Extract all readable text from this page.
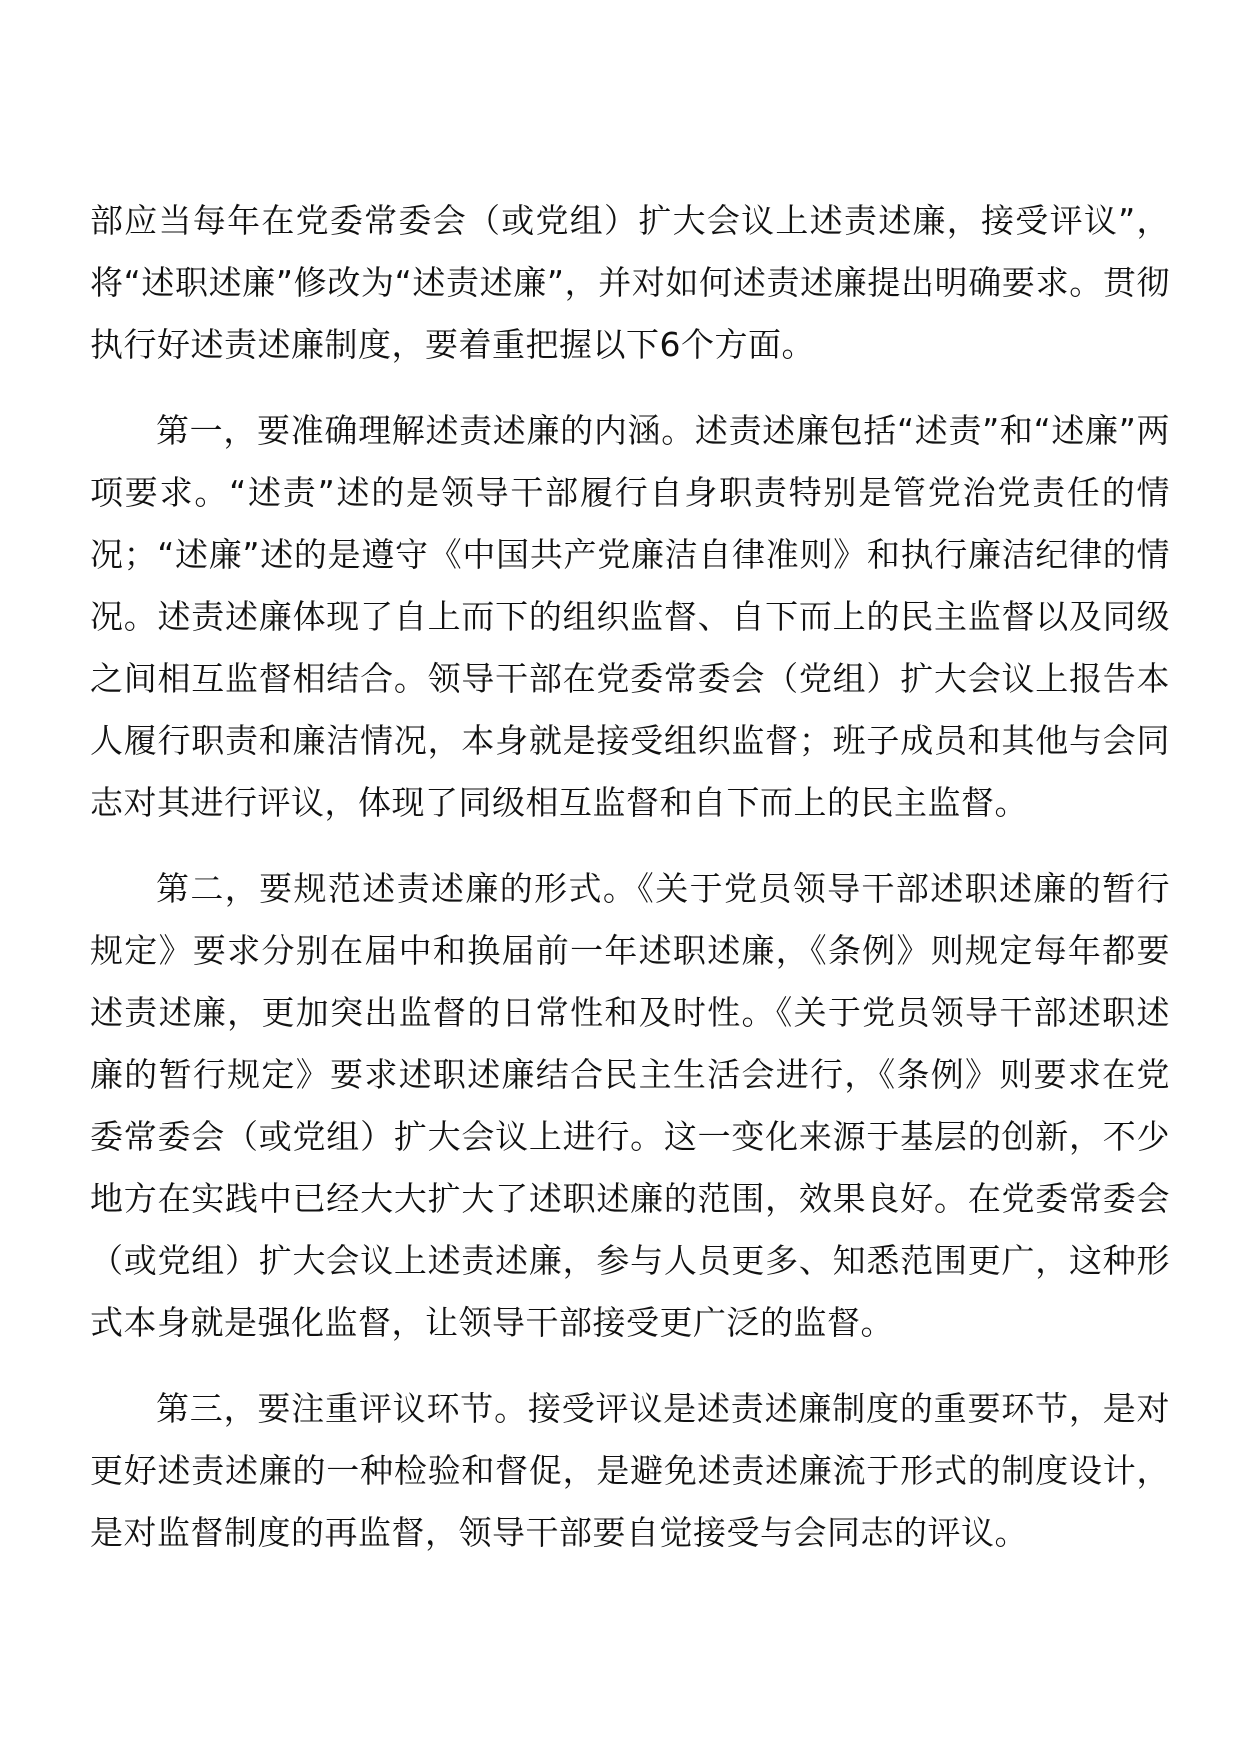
部应当每年在党委常委会（或党组）扩大会议上述责述廉，接受评议”，将“述职述廉”修改为“述责述廉”，并对如何述责述廉提出明确要求。贯彻执行好述责述廉制度，要着重把握以下6个方面。

第一，要准确理解述责述廉的内涵。述责述廉包括“述责”和“述廉”两项要求。“述责”述的是领导干部履行自身职责特别是管党治党责任的情况；“述廉”述的是遵守《中国共产党廉洁自律准则》和执行廉洁纪律的情况。述责述廉体现了自上而下的组织监督、自下而上的民主监督以及同级之间相互监督相结合。领导干部在党委常委会（党组）扩大会议上报告本人履行职责和廉洁情况，本身就是接受组织监督；班子成员和其他与会同志对其进行评议，体现了同级相互监督和自下而上的民主监督。

第二，要规范述责述廉的形式。《关于党员领导干部述职述廉的暂行规定》要求分别在届中和换届前一年述职述廉，《条例》则规定每年都要述责述廉，更加突出监督的日常性和及时性。《关于党员领导干部述职述廉的暂行规定》要求述职述廉结合民主生活会进行，《条例》则要求在党委常委会（或党组）扩大会议上进行。这一变化来源于基层的创新，不少地方在实践中已经大大扩大了述职述廉的范围，效果良好。在党委常委会（或党组）扩大会议上述责述廉，参与人员更多、知悉范围更广，这种形式本身就是强化监督，让领导干部接受更广泛的监督。

第三，要注重评议环节。接受评议是述责述廉制度的重要环节，是对更好述责述廉的一种检验和督促，是避免述责述廉流于形式的制度设计，是对监督制度的再监督，领导干部要自觉接受与会同志的评议。
